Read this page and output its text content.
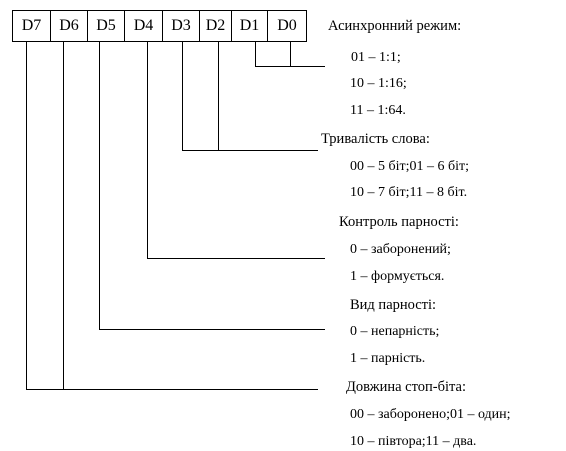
D7 D6 D5 D4 D3 D2 D1 D0 Асинхронний режим:
01 – 1:1;
10 – 1:16;
11 – 1:64.
Тривалість слова:
00 – 5 біт;01 – 6 біт;
10 – 7 біт;11 – 8 біт.
Контроль парності:
0 – заборонений;
1 – формується.
Вид парності:
0 – непарність;
1 – парність.
Довжина стоп-біта:
00 – заборонено;01 – один;
10 – півтора;11 – два.
